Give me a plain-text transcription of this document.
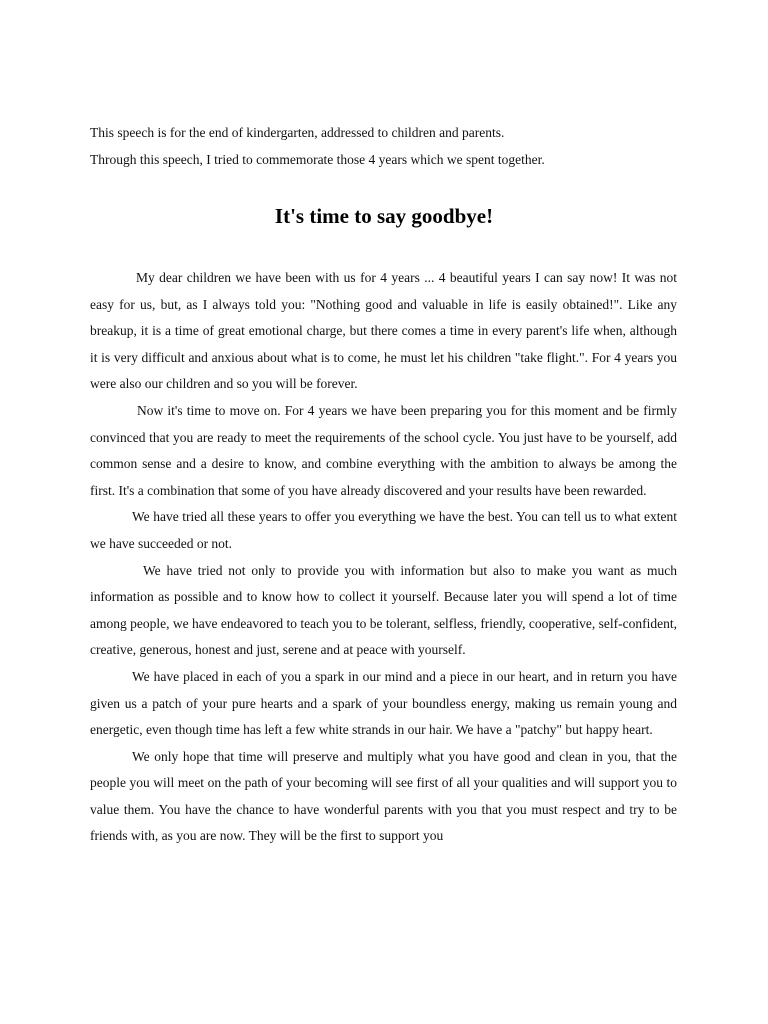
This speech is for the end of kindergarten, addressed to children and parents.

Through this speech, I tried to commemorate those 4 years which we spent together.

It's time to say goodbye!

My dear children we have been with us for 4 years ... 4 beautiful years I can say now! It was not easy for us, but, as I always told you: "Nothing good and valuable in life is easily obtained!". Like any breakup, it is a time of great emotional charge, but there comes a time in every parent's life when, although it is very difficult and anxious about what is to come, he must let his children "take flight.". For 4 years you were also our children and so you will be forever.

Now it's time to move on. For 4 years we have been preparing you for this moment and be firmly convinced that you are ready to meet the requirements of the school cycle. You just have to be yourself, add common sense and a desire to know, and combine everything with the ambition to always be among the first. It's a combination that some of you have already discovered and your results have been rewarded.

We have tried all these years to offer you everything we have the best. You can tell us to what extent we have succeeded or not.

We have tried not only to provide you with information but also to make you want as much information as possible and to know how to collect it yourself. Because later you will spend a lot of time among people, we have endeavored to teach you to be tolerant, selfless, friendly, cooperative, self-confident, creative, generous, honest and just, serene and at peace with yourself.

We have placed in each of you a spark in our mind and a piece in our heart, and in return you have given us a patch of your pure hearts and a spark of your boundless energy, making us remain young and energetic, even though time has left a few white strands in our hair. We have a "patchy" but happy heart.

We only hope that time will preserve and multiply what you have good and clean in you, that the people you will meet on the path of your becoming will see first of all your qualities and will support you to value them. You have the chance to have wonderful parents with you that you must respect and try to be friends with, as you are now. They will be the first to support you
